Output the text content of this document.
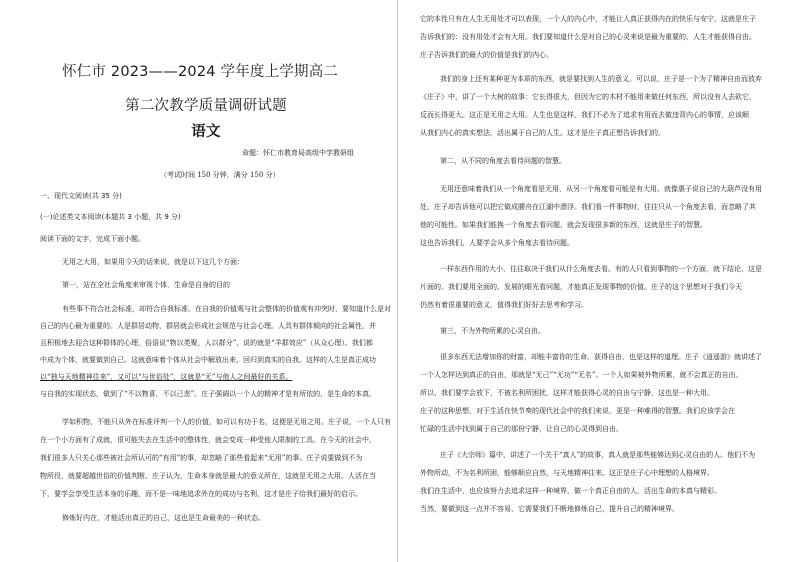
怀仁市 2023——2024 学年度上学期高二
第二次教学质量调研试题
语文
命题：怀仁市教育局高级中学教研组
（考试时间 150 分钟，满分 150 分）
一、现代文阅读(共 35 分)
(一)论述类文本阅读(本题共 3 小题，共 9 分)
阅读下面的文字，完成下面小题。
无用之大用，如果用今天的话来说，就是以下这几个方面：
第一，站在全社会角度来审视个体，生命是自身的目的
有些事不符合社会标准，却符合自我标准。在自我的价值观与社会整体的价值观有冲突时，要知道什么是对
自己的内心最为重要的。人是群居动物，群居就会形成社会规范与社会心理。人具有群体倾向的社会属性，并
且积极地去迎合这种群体的心理，俗语说“物以类聚，人以群分”，说的就是“羊群效应”（从众心理）。我们都
中成为个体，就要做到自己。这就意味着个体从社会中解放出来，回归到真实的自我。这样的人生是真正成功
以“独与天地精神往来”，又可以“与世俗处”，这就是“无”与他人之间最好的关系。
与自我的实现状态，做到了“不以物喜，不以己悲”。庄子强调以一个人的精神才是有所依的，是生命的本真，
学如积物，不能只从外在标准评判一个人的价值，如可以有功于名，这便是无用之用。庄子说，一个人只有
在一个小方面有了成就，很可能失去在生活中的整体性，就会变成一种受他人限制的工具。在今天的社会中，
我们很多人只关心那些被社会所认可的“有用”的事，却忽略了那些看起来“无用”的事。庄子说要做到不为
物所役，就要超越世俗的价值判断。庄子认为，生命本身就是最大的意义所在，这就是无用之大用。人活在当
下，要学会享受生活本身的乐趣，而不是一味地追求外在的成功与名利，这才是庄子给我们最好的启示。
修炼好内在，才能活出真正的自己，这也是生命最美的一种状态。
它的本性只有在人生无用处才可以表现，一个人的内心中，才能让人真正获得内在的快乐与安宁，这就是庄子
告诉我们的：没有用处才会有大用。我们要知道什么是对自己的心灵来说是最为重要的，人生才能获得自由。
庄子告诉我们的最大的价值是我们的内心。
我们的身上还有某种更为本质的东西，就是要找到人生的意义。可以说，庄子是一个为了精神自由而放弃
《庄子》中，讲了一个大树的故事：它长得很大，但因为它的木材不能用来做任何东西，所以没有人去砍它，
反而长得更大。这正是无用之大用。人生也是这样，我们不必为了追求有用而去做违背内心的事情，应该顺
从我们内心的真实想法，活出属于自己的人生。这才是庄子真正想告诉我们的。
第二，从不同的角度去看待问题的智慧。
无用还意味着我们从一个角度看是无用，从另一个角度看可能是有大用。就像惠子说自己的大葫芦没有用
处，庄子却告诉他可以把它做成腰舟在江湖中漂浮。我们看一件事物时，往往只从一个角度去看，而忽略了其
他的可能性。如果我们能换一个角度去看问题，就会发现很多新的东西，这就是庄子的智慧。
这也告诉我们，人要学会从多个角度去看待问题。
一样东西作用的大小，往往取决于我们从什么角度去看。有的人只看到事物的一个方面，就下结论，这是
片面的。我们要用全面的、发展的眼光看问题，才能真正发现事物的价值。庄子的这个思想对于我们今天
仍然有着很重要的意义，值得我们好好去思考和学习。
第三，不为外物所累的心灵自由。
很多东西无法增加你的财富，却能丰富你的生命。获得自由，也是这样的道理。庄子《逍遥游》就讲述了
一个人怎样达到真正的自由，那就是“无己”“无功”“无名”。一个人如果被外物所累，就不会真正的自由。
所以，我们要学会放下，不被名利所困扰，这样才能获得心灵的自由与宁静，这也是一种大用。
庄子的这种思想，对于生活在快节奏的现代社会中的我们来说，更是一种难得的智慧。我们应该学会在
忙碌的生活中找到属于自己的那份宁静，让自己的心灵得到自由。
庄子《大宗师》篇中，讲述了一个关于“真人”的故事，真人就是那些能够达到心灵自由的人。他们不为
外物所动，不为名利所困，能够顺应自然，与天地精神往来。这正是庄子心中理想的人格境界。
我们在生活中，也应该努力去追求这样一种境界，做一个真正自由的人，活出生命的本真与精彩。
当然，要做到这一点并不容易，它需要我们不断地修炼自己，提升自己的精神境界。
